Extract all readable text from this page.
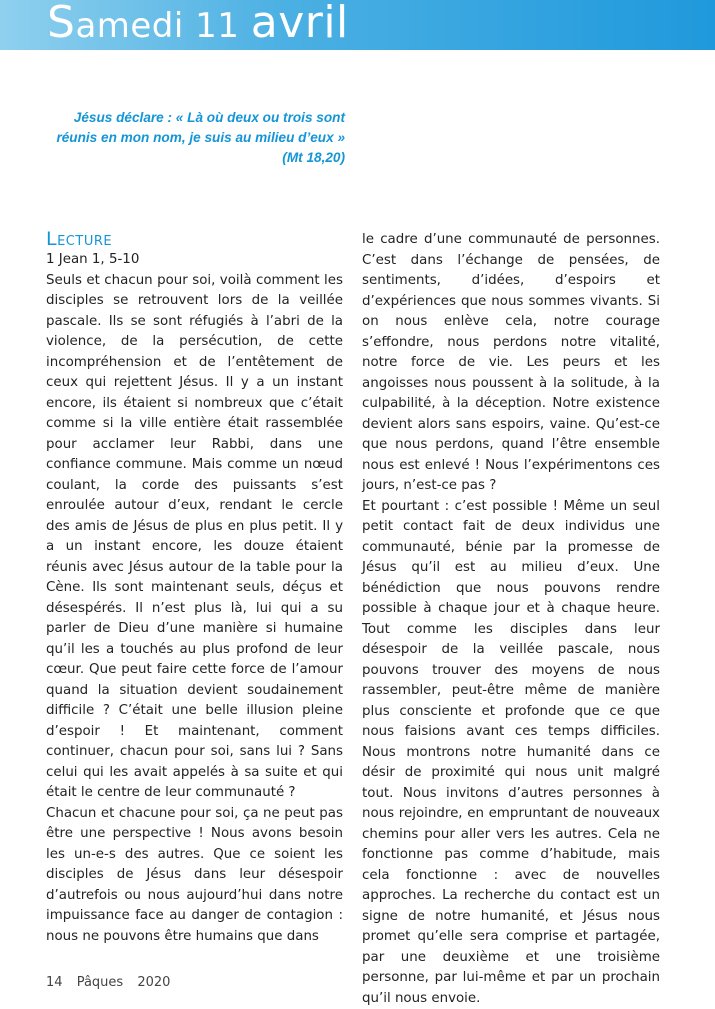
Samedi 11 avril

Jésus déclare : « Là où deux ou trois sont réunis en mon nom, je suis au milieu d’eux » (Mt 18,20)

Lecture

1 Jean 1, 5-10

Seuls et chacun pour soi, voilà comment les disciples se retrouvent lors de la veillée pascale. Ils se sont réfugiés à l’abri de la violence, de la persécution, de cette incompréhension et de l’entêtement de ceux qui rejettent Jésus. Il y a un instant encore, ils étaient si nombreux que c’était comme si la ville entière était rassemblée pour acclamer leur Rabbi, dans une confiance commune. Mais comme un nœud coulant, la corde des puissants s’est enroulée autour d’eux, rendant le cercle des amis de Jésus de plus en plus petit. Il y a un instant encore, les douze étaient réunis avec Jésus autour de la table pour la Cène. Ils sont maintenant seuls, déçus et désespérés. Il n’est plus là, lui qui a su parler de Dieu d’une manière si humaine qu’il les a touchés au plus profond de leur cœur. Que peut faire cette force de l’amour quand la situation devient soudainement difficile ? C’était une belle illusion pleine d’espoir ! Et maintenant, comment continuer, chacun pour soi, sans lui ? Sans celui qui les avait appelés à sa suite et qui était le centre de leur communauté ?

Chacun et chacune pour soi, ça ne peut pas être une perspective ! Nous avons besoin les un-e-s des autres. Que ce soient les disciples de Jésus dans leur désespoir d’autrefois ou nous aujourd’hui dans notre impuissance face au danger de contagion : nous ne pouvons être humains que dans

le cadre d’une communauté de personnes. C’est dans l’échange de pensées, de sentiments, d’idées, d’espoirs et d’expériences que nous sommes vivants. Si on nous enlève cela, notre courage s’effondre, nous perdons notre vitalité, notre force de vie. Les peurs et les angoisses nous poussent à la solitude, à la culpabilité, à la déception. Notre existence devient alors sans espoirs, vaine. Qu’est-ce que nous perdons, quand l’être ensemble nous est enlevé ! Nous l’expérimentons ces jours, n’est-ce pas ?

Et pourtant : c’est possible ! Même un seul petit contact fait de deux individus une communauté, bénie par la promesse de Jésus qu’il est au milieu d’eux. Une bénédiction que nous pouvons rendre possible à chaque jour et à chaque heure. Tout comme les disciples dans leur désespoir de la veillée pascale, nous pouvons trouver des moyens de nous rassembler, peut-être même de manière plus consciente et profonde que ce que nous faisions avant ces temps difficiles. Nous montrons notre humanité dans ce désir de proximité qui nous unit malgré tout. Nous invitons d’autres personnes à nous rejoindre, en empruntant de nouveaux chemins pour aller vers les autres. Cela ne fonctionne pas comme d’habitude, mais cela fonctionne : avec de nouvelles approches. La recherche du contact est un signe de notre humanité, et Jésus nous promet qu’elle sera comprise et partagée, par une deuxième et une troisième personne, par lui-même et par un prochain qu’il nous envoie.

14 Pâques 2020
